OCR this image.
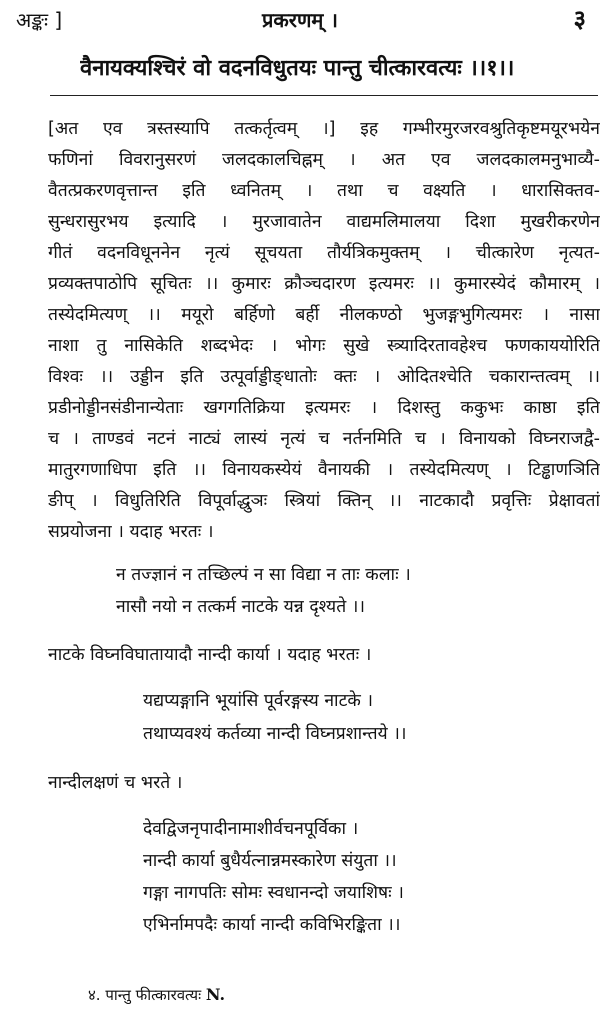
अङ्कः ]	प्रकरणम् ।	३
वैनायक्यश्चिरं वो वदनविधुतयः पान्तु चीत्कारवत्यः ।।१।।
[अत एव त्रस्तस्यापि तत्कर्तृत्वम् ।] इह गम्भीरमुरजरवश्रुतिकृष्टमयूरभयेन
फणिनां विवरानुसरणं जलदकालचिह्नम् । अत एव जलदकालमनुभाव्यै-
वैतत्प्रकरणवृत्तान्त इति ध्वनितम् । तथा च वक्ष्यति । धारासिक्तव-
सुन्धरासुरभय इत्यादि । मुरजावातेन वाद्यमलिमालया दिशा मुखरीकरणेन
गीतं वदनविधूननेन नृत्यं सूचयता तौर्यत्रिकमुक्तम् । चीत्कारेण नृत्यत-
प्रव्यक्तपाठोपि सूचितः ।। कुमारः क्रौञ्चदारण इत्यमरः ।। कुमारस्येदं कौमारम् ।
तस्येदमित्यण् ।। मयूरो बर्हिणो बर्ही नीलकण्ठो भुजङ्गभुगित्यमरः । नासा
नाशा तु नासिकेति शब्दभेदः । भोगः सुखे स्त्र्यादिरतावहेश्च फणकाययोरिति
विश्वः ।। उड्डीन इति उत्पूर्वाड्डीङ्धातोः क्तः । ओदितश्चेति चकारान्तत्वम् ।।
प्रडीनोड्डीनसंडीनान्येताः खगगतिक्रिया इत्यमरः । दिशस्तु ककुभः काष्ठा इति
च । ताण्डवं नटनं नाट्यं लास्यं नृत्यं च नर्तनमिति च । विनायको विघ्नराजद्वै-
मातुरगणाधिपा इति ।। विनायकस्येयं वैनायकी । तस्येदमित्यण् । टिड्ढाणञिति
ङीप् । विधुतिरिति विपूर्वाद्धुञः स्त्रियां क्तिन् ।। नाटकादौ प्रवृत्तिः प्रेक्षावतां
सप्रयोजना । यदाह भरतः ।
न तज्ज्ञानं न तच्छिल्पं न सा विद्या न ताः कलाः ।
नासौ नयो न तत्कर्म नाटके यन्न दृश्यते ।।
नाटके विघ्नविघातायादौ नान्दी कार्या । यदाह भरतः ।
यद्यप्यङ्गानि भूयांसि पूर्वरङ्गस्य नाटके ।
तथाप्यवश्यं कर्तव्या नान्दी विघ्नप्रशान्तये ।।
नान्दीलक्षणं च भरते ।
देवद्विजनृपादीनामाशीर्वचनपूर्विका ।
नान्दी कार्या बुधैर्यत्नान्नमस्कारेण संयुता ।।
गङ्गा नागपतिः सोमः स्वधानन्दो जयाशिषः ।
एभिर्नामपदैः कार्या नान्दी कविभिरङ्किता ।।
४. पान्तु फीत्कारवत्यः N.
